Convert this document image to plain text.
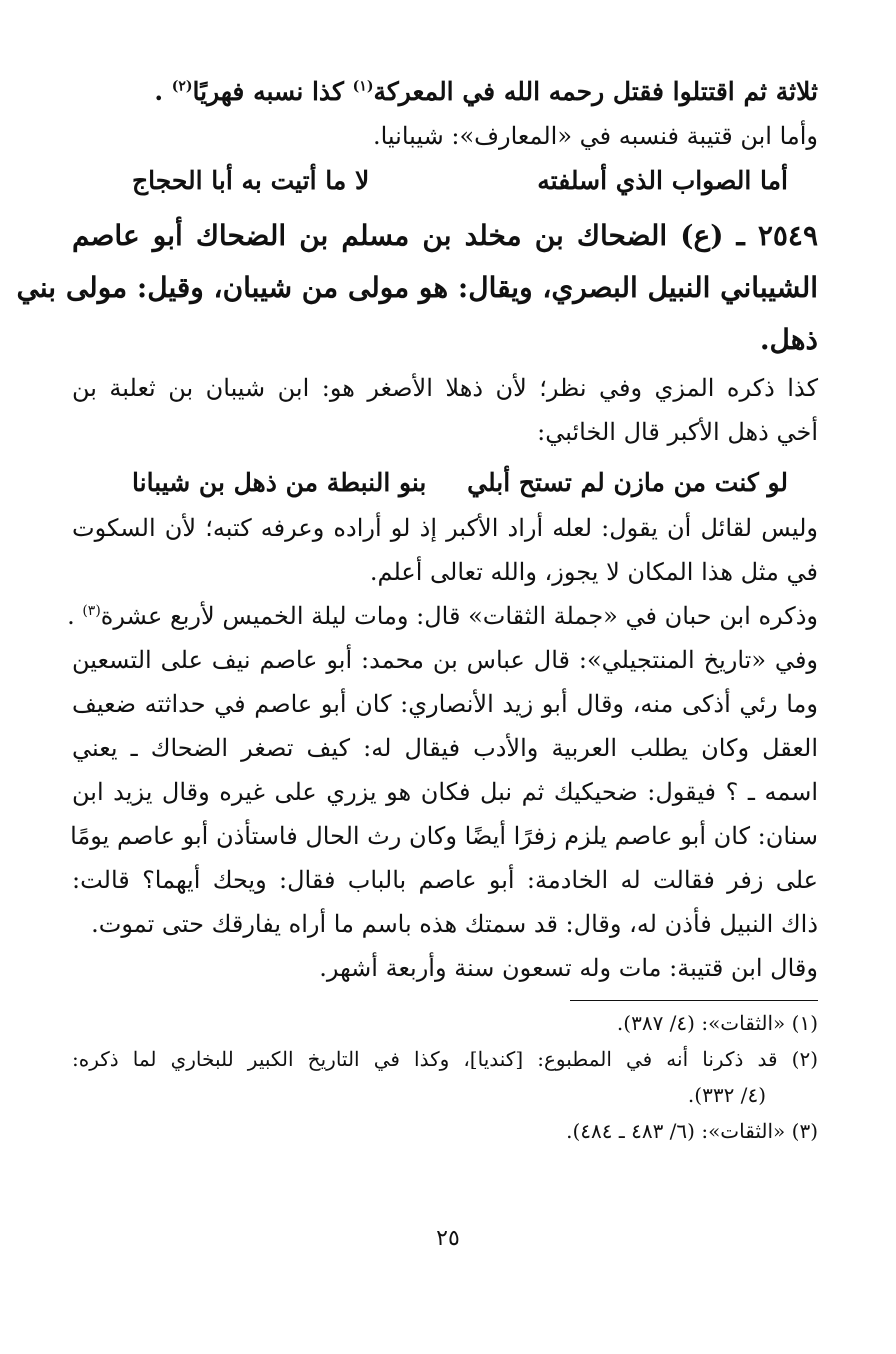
ثلاثة ثم اقتتلوا فقتل رحمه الله في المعركة$^{(١)}$ كذا نسبه فهريًا$^{(٢)}$ .
وأما ابن قتيبة فنسبه في «المعارف»: شيبانيا.
أما الصواب الذي أسلفته
لا ما أتيت به أبا الحجاج
٢٥٤٩ ـ (ع) الضحاك بن مخلد بن مسلم بن الضحاك أبو عاصم
الشيباني النبيل البصري، ويقال: هو مولى من شيبان، وقيل: مولى بني
ذهل.
كذا ذكره المزي وفي نظر؛ لأن ذهلا الأصغر هو: ابن شيبان بن ثعلبة بن
أخي ذهل الأكبر قال الخائبي:
لو كنت من مازن لم تستح أبلي
بنو النبطة من ذهل بن شيبانا
وليس لقائل أن يقول: لعله أراد الأكبر إذ لو أراده وعرفه كتبه؛ لأن السكوت
في مثل هذا المكان لا يجوز، والله تعالى أعلم.
وذكره ابن حبان في «جملة الثقات» قال: ومات ليلة الخميس لأربع عشرة$^{(٣)}$ .
وفي «تاريخ المنتجيلي»: قال عباس بن محمد: أبو عاصم نيف على التسعين
وما رئي أذكى منه، وقال أبو زيد الأنصاري: كان أبو عاصم في حداثته ضعيف
العقل وكان يطلب العربية والأدب فيقال له: كيف تصغر الضحاك ـ يعني
اسمه ـ ؟ فيقول: ضحيكيك ثم نبل فكان هو يزري على غيره وقال يزيد ابن
سنان: كان أبو عاصم يلزم زفرًا أيضًا وكان رث الحال فاستأذن أبو عاصم يومًا
على زفر فقالت له الخادمة: أبو عاصم بالباب فقال: ويحك أيهما؟ قالت:
ذاك النبيل فأذن له، وقال: قد سمتك هذه باسم ما أراه يفارقك حتى تموت.
وقال ابن قتيبة: مات وله تسعون سنة وأربعة أشهر.
(١) «الثقات»: (٤/ ٣٨٧).
(٢) قد ذكرنا أنه في المطبوع: [كنديا]، وكذا في التاريخ الكبير للبخاري لما ذكره:
(٤/ ٣٣٢).
(٣) «الثقات»: (٦/ ٤٨٣ ـ ٤٨٤).
٢٥
